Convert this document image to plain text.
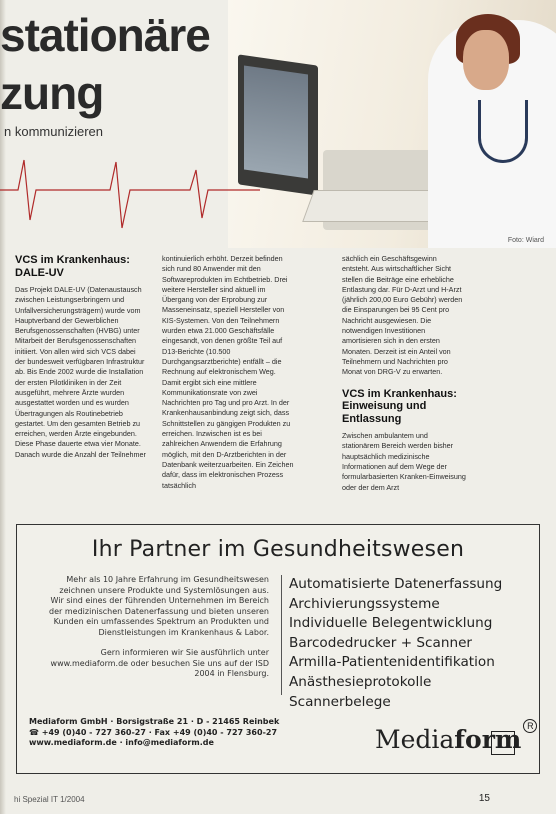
Foto: Wiard
stationäre
zung
n kommunizieren
VCS im Krankenhaus: DALE-UV

Das Projekt DALE-UV (Datenaustausch zwischen Leistungserbringern und Unfallversicherungsträgern) wurde vom Hauptverband der Gewerblichen Berufsgenossenschaften (HVBG) unter Mitarbeit der Berufsgenossenschaften initiiert. Von allen wird sich VCS dabei der bundesweit verfügbaren Infrastruktur ab. Bis Ende 2002 wurde die Installation der ersten Pilotkliniken in der Zeit ausgeführt, mehrere Ärzte wurden ausgestattet worden und es wurden Übertragungen als Routinebetrieb gestartet. Um den gesamten Betrieb zu erreichen, werden Ärzte eingebunden. Diese Phase dauerte etwa vier Monate. Danach wurde die Anzahl der Teilnehmer

kontinuierlich erhöht. Derzeit befinden sich rund 80 Anwender mit den Softwareprodukten im Echtbetrieb. Drei weitere Hersteller sind aktuell im Übergang von der Erprobung zur Masseneinsatz, speziell Hersteller von KIS-Systemen. Von den Teilnehmern wurden etwa 21.000 Geschäftsfälle eingesandt, von denen größte Teil auf D13-Berichte (10.500 Durchgangsarztberichte) entfällt – die Rechnung auf elektronischem Weg. Damit ergibt sich eine mittlere Kommunikationsrate von zwei Nachrichten pro Tag und pro Arzt. In der Krankenhausanbindung zeigt sich, dass Schnittstellen zu gängigen Produkten zu erreichen. Inzwischen ist es bei zahlreichen Anwendern die Erfahrung möglich, mit den D-Arztberichten in der Datenbank weiterzuarbeiten. Ein Zeichen dafür, dass im elektronischen Prozess tatsächlich

sächlich ein Geschäftsgewinn entsteht. Aus wirtschaftlicher Sicht stellen die Beiträge eine erhebliche Entlastung dar. Für D-Arzt und H-Arzt (jährlich 200,00 Euro Gebühr) werden die Einsparungen bei 95 Cent pro Nachricht ausgewiesen. Die notwendigen Investitionen amortisieren sich in den ersten Monaten. Derzeit ist ein Anteil von Teilnehmern und Nachrichten pro Monat von DRG-V zu erwarten.

VCS im Krankenhaus: Einweisung und Entlassung

Zwischen ambulantem und stationärem Bereich werden bisher hauptsächlich medizinische Informationen auf dem Wege der formularbasierten Kranken-Einweisung oder der dem Arzt

Ihr Partner im Gesundheitswesen

Mehr als 10 Jahre Erfahrung im Gesundheitswesen zeichnen unsere Produkte und Systemlösungen aus. Wir sind eines der führenden Unternehmen im Bereich der medizinischen Datenerfassung und bieten unseren Kunden ein umfassendes Spektrum an Produkten und Dienstleistungen im Krankenhaus & Labor.

Gern informieren wir Sie ausführlich unter www.mediaform.de oder besuchen Sie uns auf der ISD 2004 in Flensburg.

Automatisierte Datenerfassung
Archivierungssysteme
Individuelle Belegentwicklung
Barcodedrucker + Scanner
Armilla-Patientenidentifikation
Anästhesieprotokolle
Scannerbelege
Mediaform GmbH · Borsigstraße 21 · D - 21465 Reinbek
☎ +49 (0)40 - 727 360-27 · Fax +49 (0)40 - 727 360-27
www.mediaform.de · info@mediaform.de	Mediaform R
hi Spezial IT 1/2004	15
